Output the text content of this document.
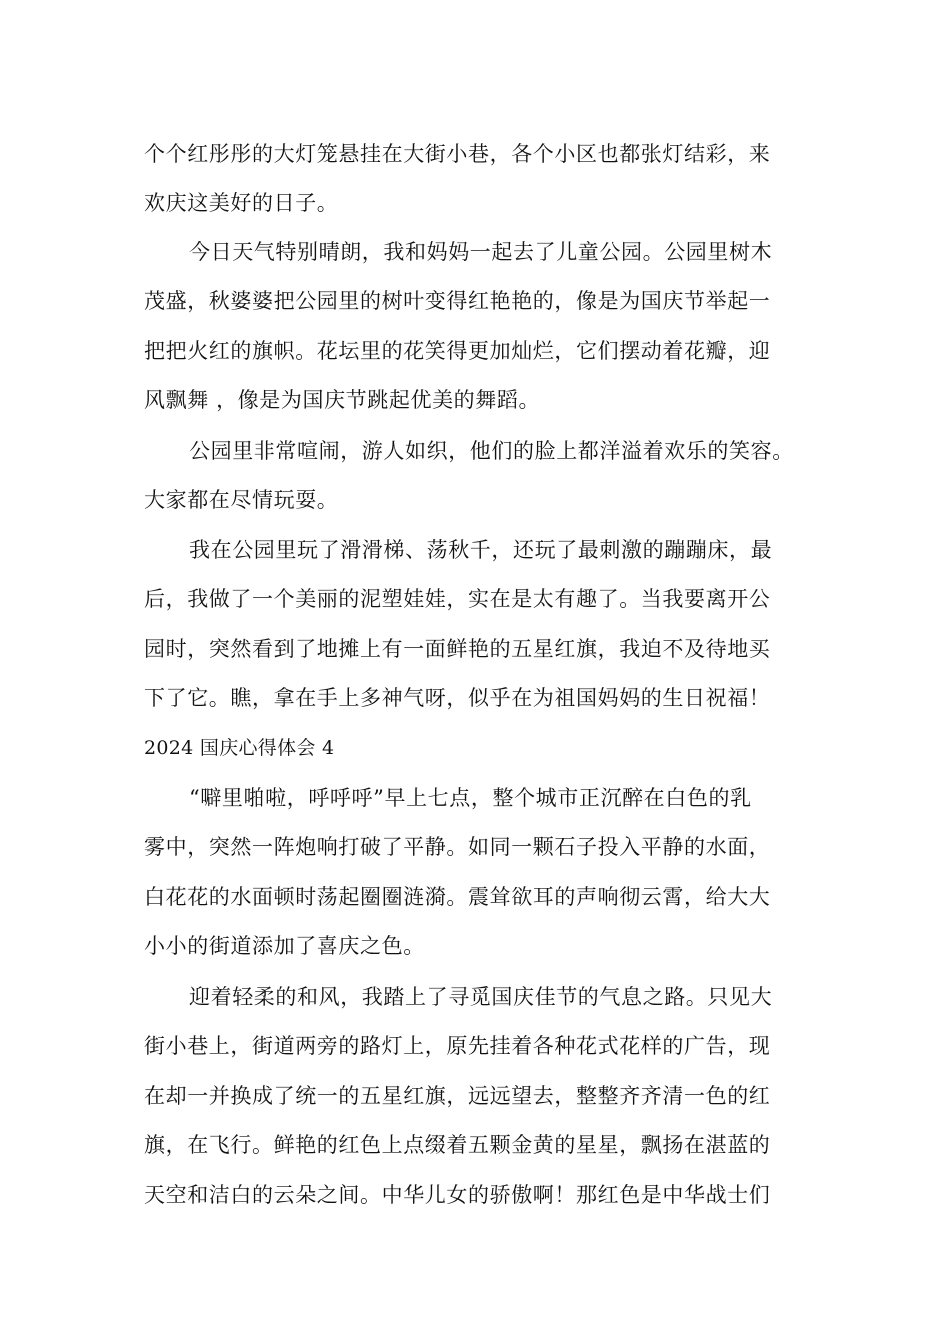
个个红彤彤的大灯笼悬挂在大街小巷，各个小区也都张灯结彩，来
欢庆这美好的日子。
今日天气特别晴朗，我和妈妈一起去了儿童公园。公园里树木
茂盛，秋婆婆把公园里的树叶变得红艳艳的，像是为国庆节举起一
把把火红的旗帜。花坛里的花笑得更加灿烂，它们摆动着花瓣，迎
风飘舞 ，像是为国庆节跳起优美的舞蹈。
公园里非常喧闹，游人如织，他们的脸上都洋溢着欢乐的笑容。
大家都在尽情玩耍。
我在公园里玩了滑滑梯、荡秋千，还玩了最刺激的蹦蹦床，最
后，我做了一个美丽的泥塑娃娃，实在是太有趣了。当我要离开公
园时，突然看到了地摊上有一面鲜艳的五星红旗，我迫不及待地买
下了它。瞧，拿在手上多神气呀，似乎在为祖国妈妈的生日祝福！
2024 国庆心得体会 4
“噼里啪啦，呼呼呼”早上七点，整个城市正沉醉在白色的乳
雾中，突然一阵炮响打破了平静。如同一颗石子投入平静的水面，
白花花的水面顿时荡起圈圈涟漪。震耸欲耳的声响彻云霄，给大大
小小的街道添加了喜庆之色。
迎着轻柔的和风，我踏上了寻觅国庆佳节的气息之路。只见大
街小巷上，街道两旁的路灯上，原先挂着各种花式花样的广告，现
在却一并换成了统一的五星红旗，远远望去，整整齐齐清一色的红
旗，在飞行。鲜艳的红色上点缀着五颗金黄的星星，飘扬在湛蓝的
天空和洁白的云朵之间。中华儿女的骄傲啊！那红色是中华战士们
